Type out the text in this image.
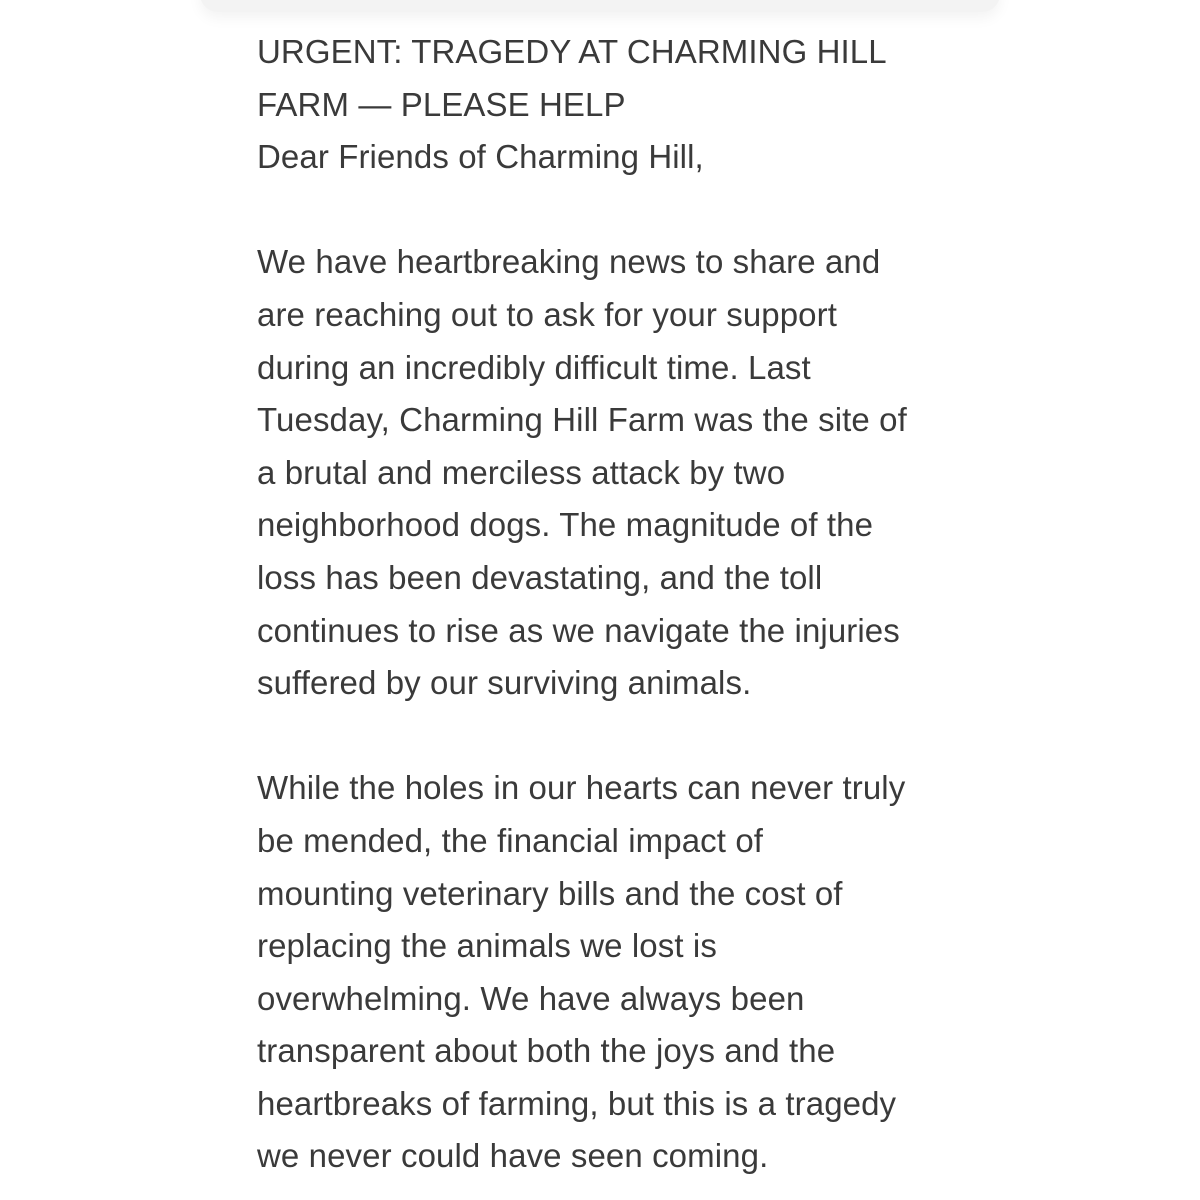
URGENT: TRAGEDY AT CHARMING HILL
FARM — PLEASE HELP

Dear Friends of Charming Hill,

We have heartbreaking news to share and
are reaching out to ask for your support
during an incredibly difficult time. Last
Tuesday, Charming Hill Farm was the site of
a brutal and merciless attack by two
neighborhood dogs. The magnitude of the
loss has been devastating, and the toll
continues to rise as we navigate the injuries
suffered by our surviving animals.

While the holes in our hearts can never truly
be mended, the financial impact of
mounting veterinary bills and the cost of
replacing the animals we lost is
overwhelming. We have always been
transparent about both the joys and the
heartbreaks of farming, but this is a tragedy
we never could have seen coming.
